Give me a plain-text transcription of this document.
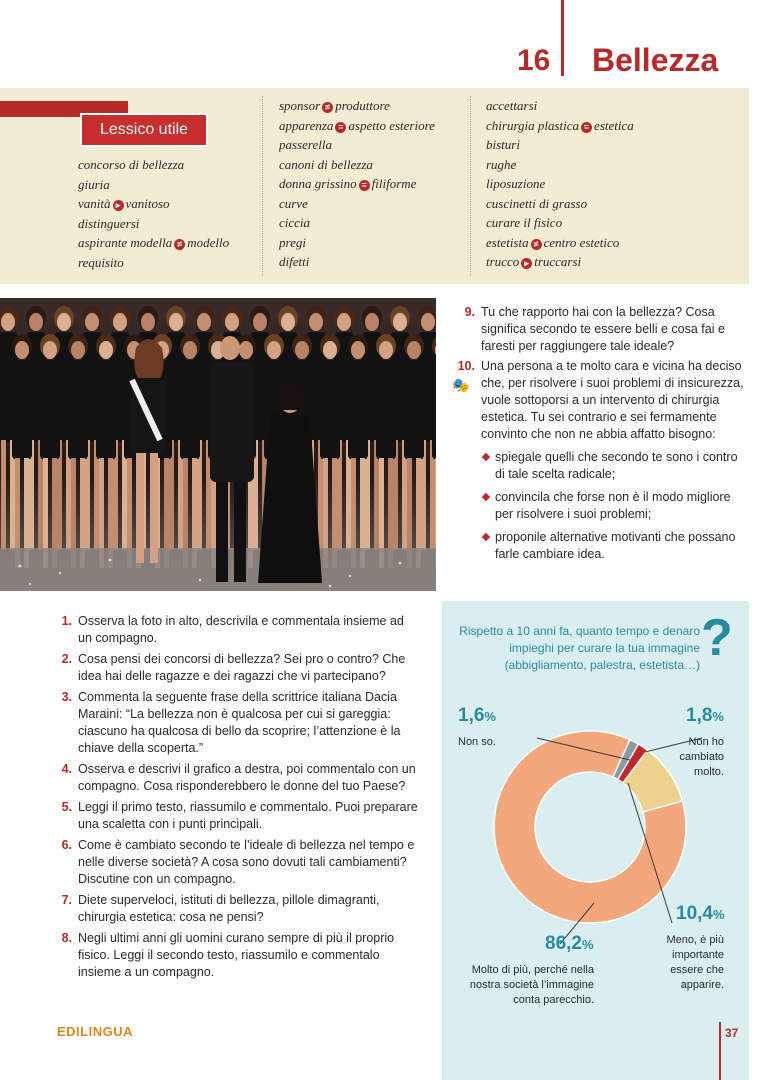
16 Bellezza
Lessico utile
concorso di bellezza
giuria
vanità ▸ vanitoso
distinguersi
aspirante modella ≠ modello
requisito
sponsor ≠ produttore
apparenza = aspetto esteriore
passerella
canoni di bellezza
donna grissino = filiforme
curve
ciccia
pregi
difetti
accettarsi
chirurgia plastica = estetica
bisturi
rughe
liposuzione
cuscinetti di grasso
curare il fisico
estetista ≠ centro estetico
trucco ▸ truccarsi
🎭
9. Tu che rapporto hai con la bellezza? Cosa significa secondo te essere belli e cosa fai e faresti per raggiungere tale ideale?
10. Una persona a te molto cara e vicina ha deciso che, per risolvere i suoi problemi di insicurezza, vuole sottoporsi a un intervento di chirurgia estetica. Tu sei contrario e sei fermamente convinto che non ne abbia affatto bisogno:
spiegale quelli che secondo te sono i contro di tale scelta radicale;
convincila che forse non è il modo migliore per risolvere i suoi problemi;
proponile alternative motivanti che possano farle cambiare idea.
1. Osserva la foto in alto, descrivila e commentala insieme ad un compagno.
2. Cosa pensi dei concorsi di bellezza? Sei pro o contro? Che idea hai delle ragazze e dei ragazzi che vi partecipano?
3. Commenta la seguente frase della scrittrice italiana Dacia Maraini: “La bellezza non è qualcosa per cui si gareggia: ciascuno ha qualcosa di bello da scoprire; l’attenzione è la chiave della scoperta.”
4. Osserva e descrivi il grafico a destra, poi commentalo con un compagno. Cosa risponderebbero le donne del tuo Paese?
5. Leggi il primo testo, riassumilo e commentalo. Puoi preparare una scaletta con i punti principali.
6. Come è cambiato secondo te l’ideale di bellezza nel tempo e nelle diverse società? A cosa sono dovuti tali cambiamenti? Discutine con un compagno.
7. Diete superveloci, istituti di bellezza, pillole dimagranti, chirurgia estetica: cosa ne pensi?
8. Negli ultimi anni gli uomini curano sempre di più il proprio fisico. Leggi il secondo testo, riassumilo e commentalo insieme a un compagno.
Rispetto a 10 anni fa, quanto tempo e denaro impieghi per curare la tua immagine (abbigliamento, palestra, estetista…) ?
1,6%
Non so.
1,8%
Non ho cambiato molto.
10,4%
Meno, è più importante essere che apparire.
86,2%
Molto di più, perché nella nostra società l’immagine conta parecchio.
EDILINGUA	37
